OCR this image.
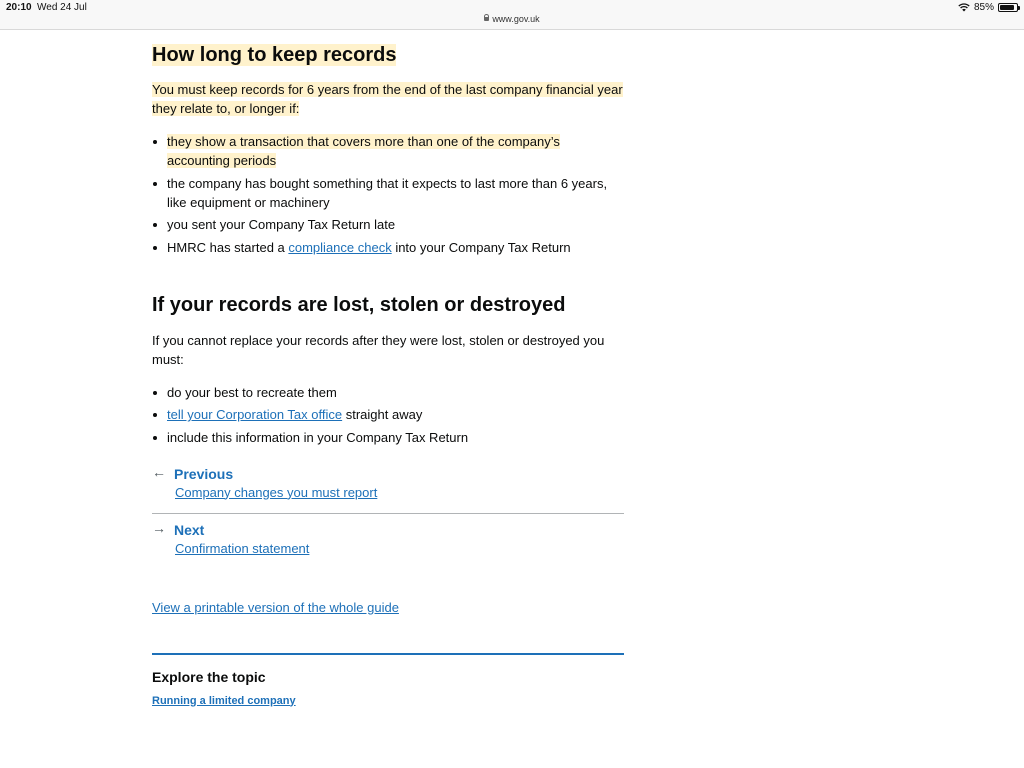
20:10 Wed 24 Jul	85%
www.gov.uk
How long to keep records

You must keep records for 6 years from the end of the last company financial year they relate to, or longer if:

they show a transaction that covers more than one of the company’s accounting periods
the company has bought something that it expects to last more than 6 years, like equipment or machinery
you sent your Company Tax Return late
HMRC has started a compliance check into your Company Tax Return
If your records are lost, stolen or destroyed

If you cannot replace your records after they were lost, stolen or destroyed you must:

do your best to recreate them
tell your Corporation Tax office straight away
include this information in your Company Tax Return
← Previous
Company changes you must report
→ Next
Confirmation statement
View a printable version of the whole guide
Explore the topic
Running a limited company
